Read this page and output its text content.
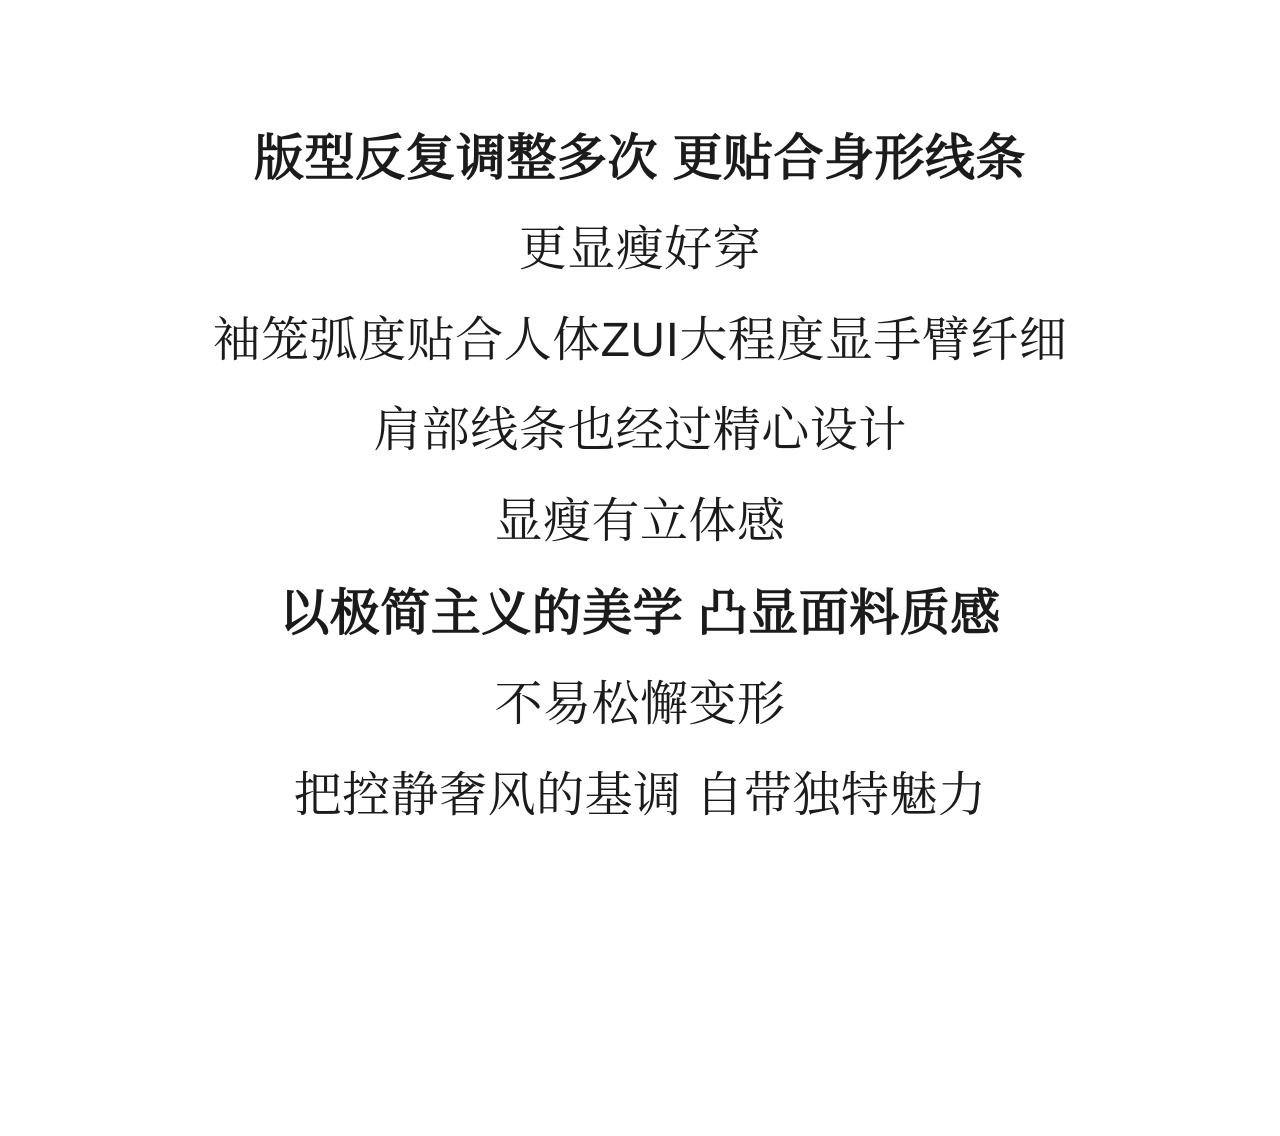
版型反复调整多次 更贴合身形线条
更显瘦好穿
袖笼弧度贴合人体ZUI大程度显手臂纤细
肩部线条也经过精心设计
显瘦有立体感
以极简主义的美学 凸显面料质感
不易松懈变形
把控静奢风的基调 自带独特魅力
